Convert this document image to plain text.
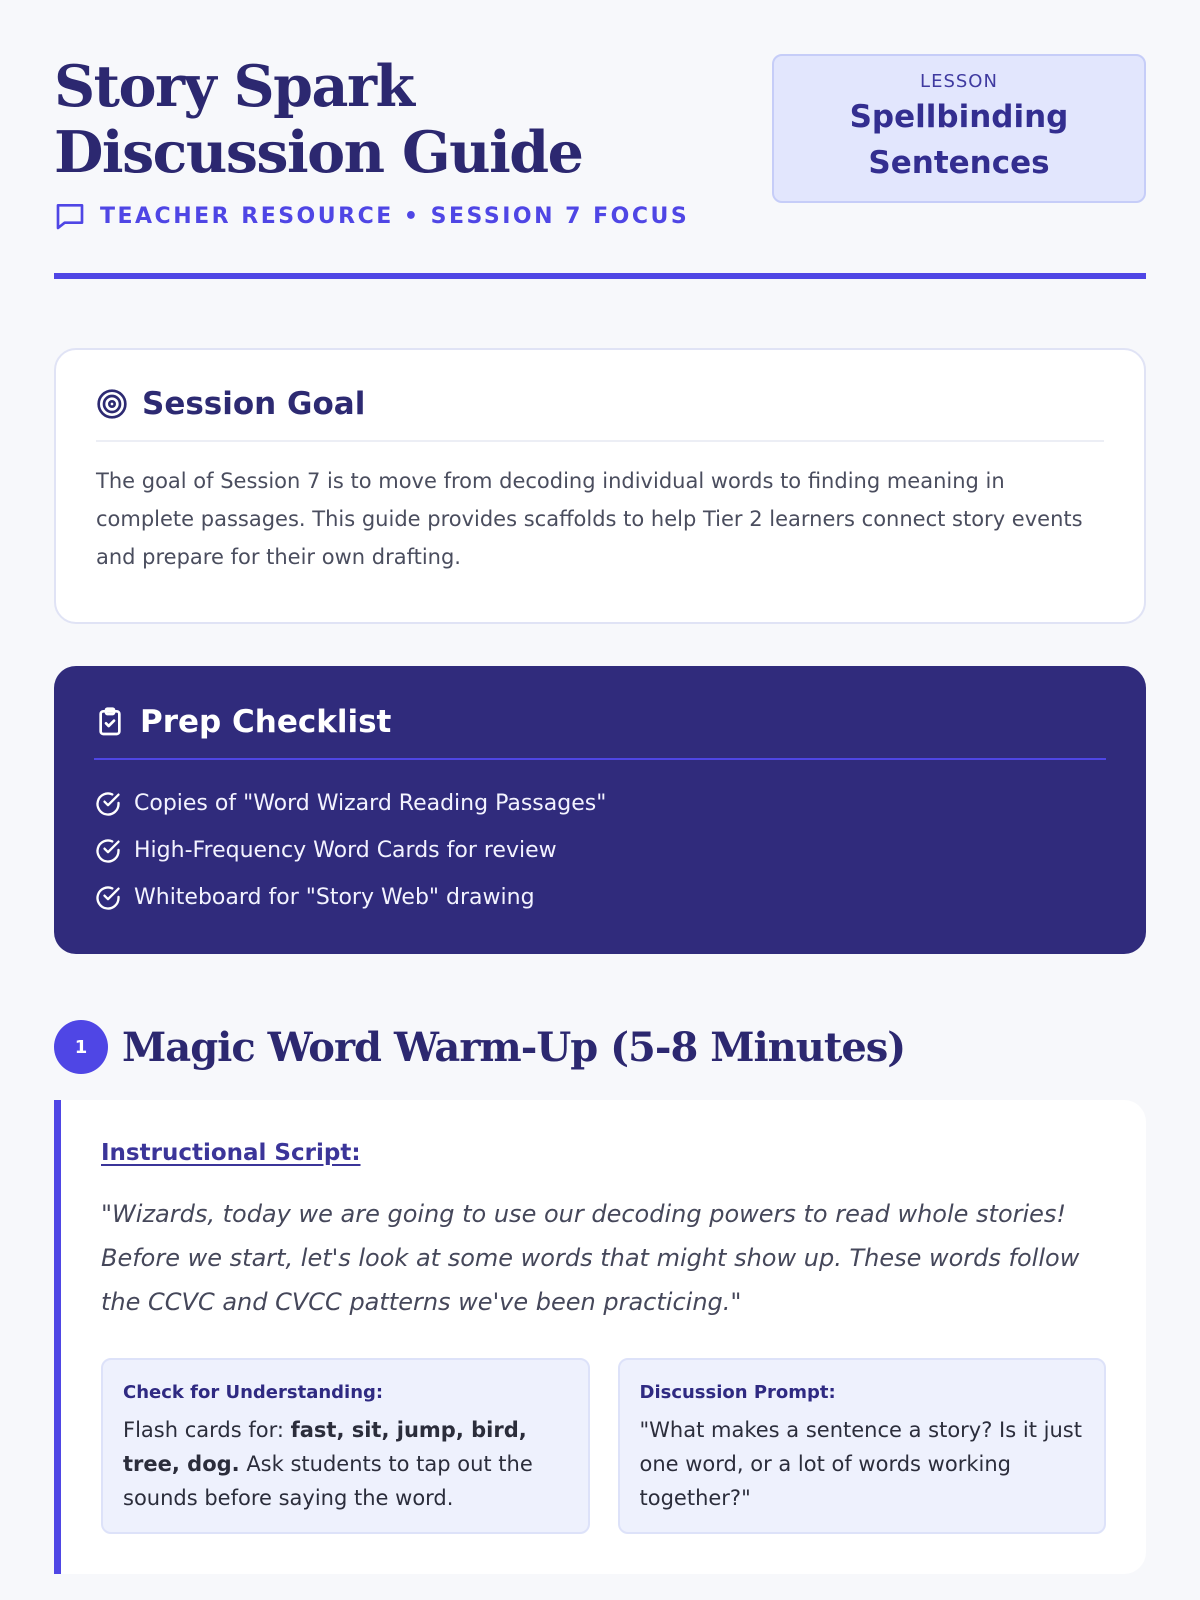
Story Spark Discussion Guide
TEACHER RESOURCE • SESSION 7 FOCUS
LESSON
Spellbinding Sentences
Session Goal

The goal of Session 7 is to move from decoding individual words to finding meaning in complete passages. This guide provides scaffolds to help Tier 2 learners connect story events and prepare for their own drafting.

Prep Checklist
Copies of "Word Wizard Reading Passages"
High-Frequency Word Cards for review
Whiteboard for "Story Web" drawing
1 Magic Word Warm-Up (5-8 Minutes)
Instructional Script:

"Wizards, today we are going to use our decoding powers to read whole stories! Before we start, let's look at some words that might show up. These words follow the CCVC and CVCC patterns we've been practicing."

Check for Understanding:
Flash cards for: fast, sit, jump, bird, tree, dog. Ask students to tap out the sounds before saying the word.
Discussion Prompt:
"What makes a sentence a story? Is it just one word, or a lot of words working together?"
